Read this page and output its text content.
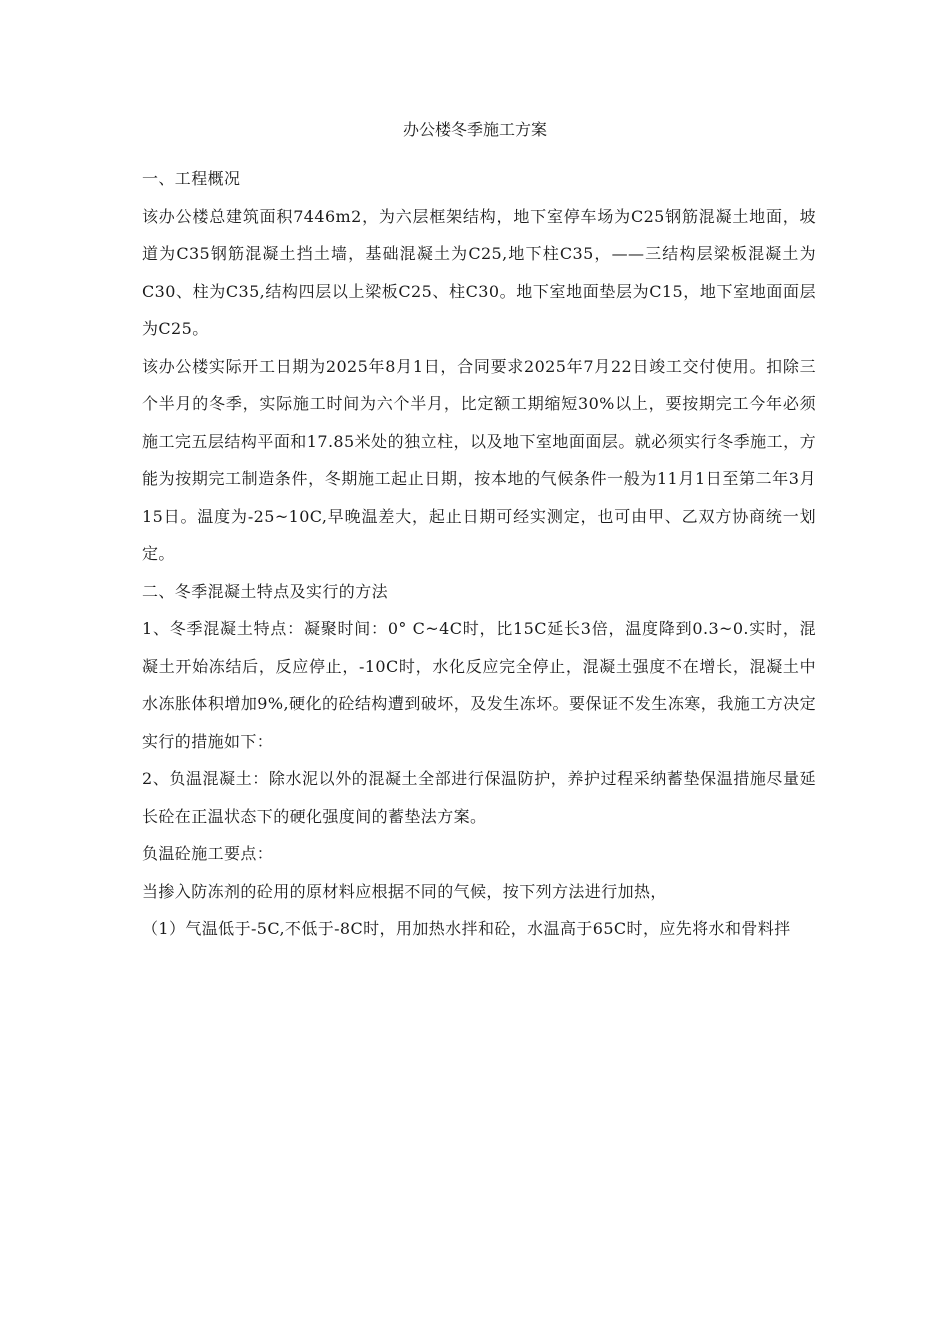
办公楼冬季施工方案

一、工程概况

该办公楼总建筑面积7446m2，为六层框架结构，地下室停车场为C25钢筋混凝土地面，坡道为C35钢筋混凝土挡土墙，基础混凝土为C25,地下柱C35，——三结构层梁板混凝土为C30、柱为C35,结构四层以上梁板C25、柱C30。地下室地面垫层为C15，地下室地面面层为C25。

该办公楼实际开工日期为2025年8月1日，合同要求2025年7月22日竣工交付使用。扣除三个半月的冬季，实际施工时间为六个半月，比定额工期缩短30%以上，要按期完工今年必须施工完五层结构平面和17.85米处的独立柱，以及地下室地面面层。就必须实行冬季施工，方能为按期完工制造条件，冬期施工起止日期，按本地的气候条件一般为11月1日至第二年3月15日。温度为-25~10C,早晚温差大，起止日期可经实测定，也可由甲、乙双方协商统一划定。

二、冬季混凝土特点及实行的方法

1、冬季混凝土特点：凝聚时间：0° C~4C时，比15C延长3倍，温度降到0.3~0.实时，混凝土开始冻结后，反应停止，-10C时，水化反应完全停止，混凝土强度不在增长，混凝土中水冻胀体积增加9%,硬化的砼结构遭到破坏，及发生冻坏。要保证不发生冻寒，我施工方决定实行的措施如下：

2、负温混凝土：除水泥以外的混凝土全部进行保温防护，养护过程采纳蓄垫保温措施尽量延长砼在正温状态下的硬化强度间的蓄垫法方案。

负温砼施工要点：

当掺入防冻剂的砼用的原材料应根据不同的气候，按下列方法进行加热，

（1）气温低于-5C,不低于-8C时，用加热水拌和砼，水温高于65C时，应先将水和骨料拌
